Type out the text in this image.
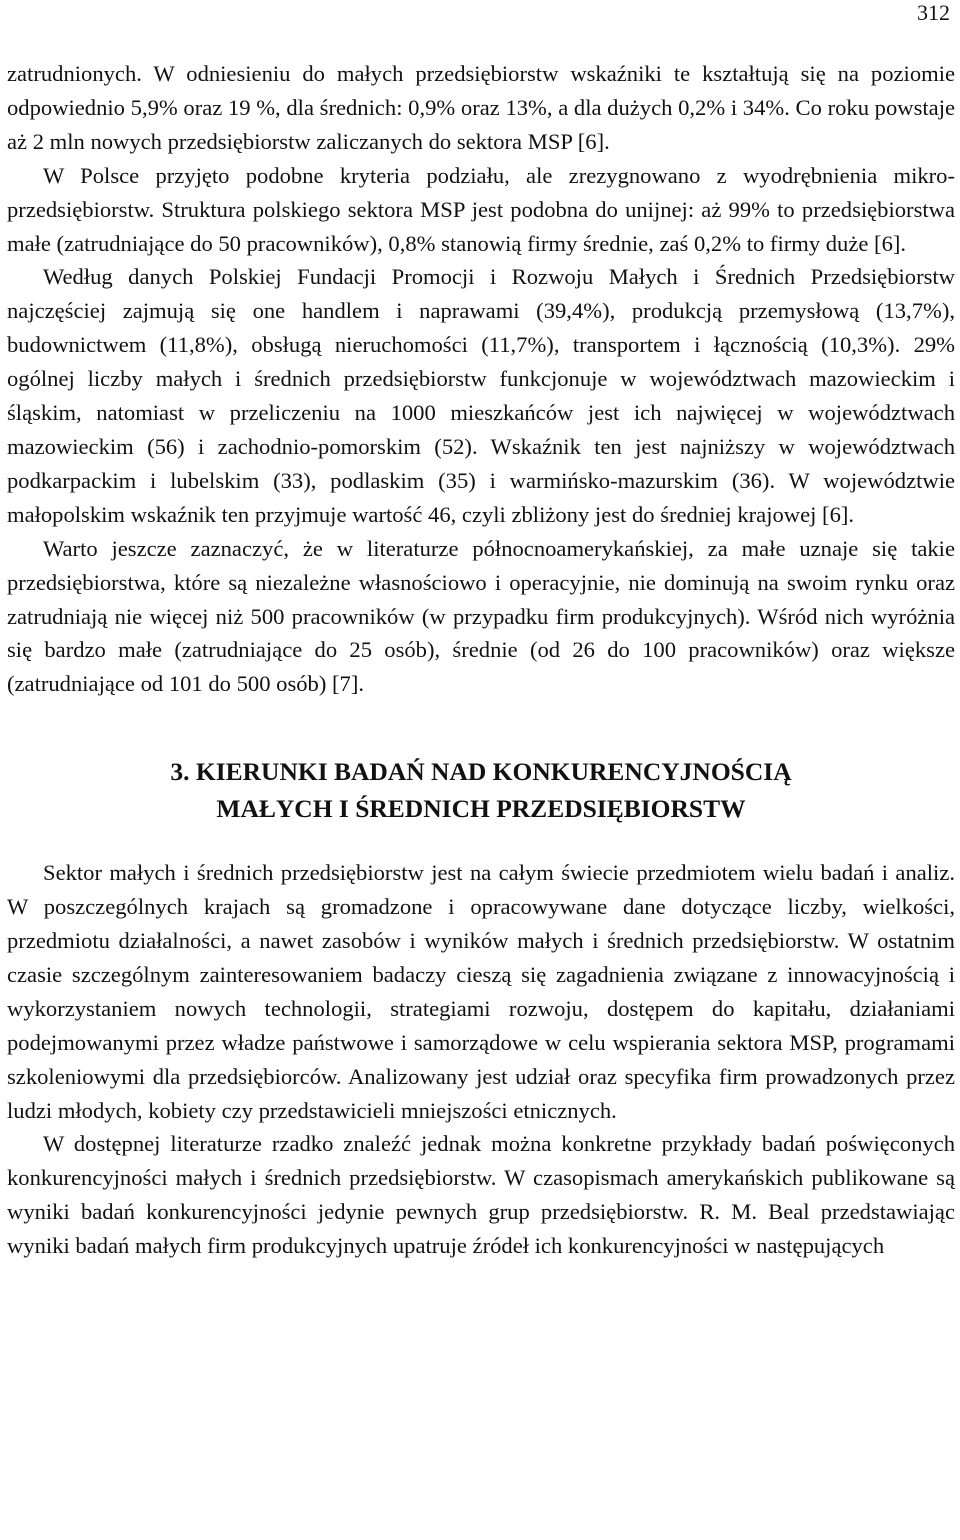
312

zatrudnionych. W odniesieniu do małych przedsiębiorstw wskaźniki te kształtują się na poziomie odpowiednio 5,9% oraz 19 %, dla średnich: 0,9% oraz 13%, a dla dużych 0,2% i 34%. Co roku powstaje aż 2 mln nowych przedsiębiorstw zaliczanych do sektora MSP [6].

W Polsce przyjęto podobne kryteria podziału, ale zrezygnowano z wyodrębnienia mikro-przedsiębiorstw. Struktura polskiego sektora MSP jest podobna do unijnej: aż 99% to przedsiębiorstwa małe (zatrudniające do 50 pracowników), 0,8% stanowią firmy średnie, zaś 0,2% to firmy duże [6].

Według danych Polskiej Fundacji Promocji i Rozwoju Małych i Średnich Przedsiębiorstw najczęściej zajmują się one handlem i naprawami (39,4%), produkcją przemysłową (13,7%), budownictwem (11,8%), obsługą nieruchomości (11,7%), transportem i łącznością (10,3%). 29% ogólnej liczby małych i średnich przedsiębiorstw funkcjonuje w województwach mazowieckim i śląskim, natomiast w przeliczeniu na 1000 mieszkańców jest ich najwięcej w województwach mazowieckim (56) i zachodnio-pomorskim (52). Wskaźnik ten jest najniższy w województwach podkarpackim i lubelskim (33), podlaskim (35) i warmińsko-mazurskim (36). W województwie małopolskim wskaźnik ten przyjmuje wartość 46, czyli zbliżony jest do średniej krajowej [6].

Warto jeszcze zaznaczyć, że w literaturze północnoamerykańskiej, za małe uznaje się takie przedsiębiorstwa, które są niezależne własnościowo i operacyjnie, nie dominują na swoim rynku oraz zatrudniają nie więcej niż 500 pracowników (w przypadku firm produkcyjnych). Wśród nich wyróżnia się bardzo małe (zatrudniające do 25 osób), średnie (od 26 do 100 pracowników) oraz większe (zatrudniające od 101 do 500 osób) [7].

3. KIERUNKI BADAŃ NAD KONKURENCYJNOŚCIĄ

MAŁYCH I ŚREDNICH PRZEDSIĘBIORSTW

Sektor małych i średnich przedsiębiorstw jest na całym świecie przedmiotem wielu badań i analiz. W poszczególnych krajach są gromadzone i opracowywane dane dotyczące liczby, wielkości, przedmiotu działalności, a nawet zasobów i wyników małych i średnich przedsiębiorstw. W ostatnim czasie szczególnym zainteresowaniem badaczy cieszą się zagadnienia związane z innowacyjnością i wykorzystaniem nowych technologii, strategiami rozwoju, dostępem do kapitału, działaniami podejmowanymi przez władze państwowe i samorządowe w celu wspierania sektora MSP, programami szkoleniowymi dla przedsiębiorców. Analizowany jest udział oraz specyfika firm prowadzonych przez ludzi młodych, kobiety czy przedstawicieli mniejszości etnicznych.

W dostępnej literaturze rzadko znaleźć jednak można konkretne przykłady badań poświęconych konkurencyjności małych i średnich przedsiębiorstw. W czasopismach amerykańskich publikowane są wyniki badań konkurencyjności jedynie pewnych grup przedsiębiorstw. R. M. Beal przedstawiając wyniki badań małych firm produkcyjnych upatruje źródeł ich konkurencyjności w następujących
